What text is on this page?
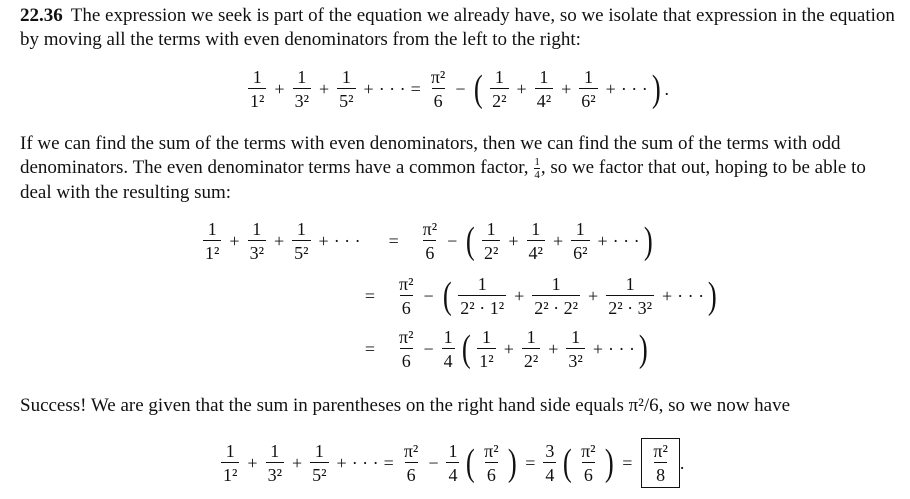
22.36 The expression we seek is part of the equation we already have, so we isolate that expression in the equation by moving all the terms with even denominators from the left to the right:

$\frac{1}{\text{1²}} + \frac{1}{\text{3²}} + \frac{1}{\text{5²}}$ + · · · = $\frac{\text{π²}}{6}$ − ( $\frac{1}{\text{2²}} + \frac{1}{\text{4²}} + \frac{1}{\text{6²}}$ + · · · ) .

If we can find the sum of the terms with even denominators, then we can find the sum of the terms with odd denominators. The even denominator terms have a common factor, $\frac{1}{4}$ , so we factor that out, hoping to be able to deal with the resulting sum:

$\frac{1}{\text{1²}} + \frac{1}{\text{3²}} + \frac{1}{\text{5²}}$ + · · ·	=	$\frac{\text{π²}}{6}$ − ( $\frac{1}{\text{2²}} + \frac{1}{\text{4²}} + \frac{1}{\text{6²}}$ + · · · )
=	$\frac{\text{π²}}{6}$ − ( $\frac{1}{\text{2² · 1²}} + \frac{1}{\text{2² · 2²}} + \frac{1}{\text{2² · 3²}}$ + · · · )
=	$\frac{\text{π²}}{6} - \frac{1}{4}$ ( $\frac{1}{\text{1²}} + \frac{1}{\text{2²}} + \frac{1}{\text{3²}}$ + · · · )

Success! We are given that the sum in parentheses on the right hand side equals π²/6, so we now have

$\frac{1}{\text{1²}} + \frac{1}{\text{3²}} + \frac{1}{\text{5²}}$ + · · · = $\frac{\text{π²}}{6} - \frac{1}{4}$ ( $\frac{\text{π²}}{6}$ ) = $\frac{3}{4}$ ( $\frac{\text{π²}}{6}$ ) = $\frac{\text{π²}}{8}$ .
